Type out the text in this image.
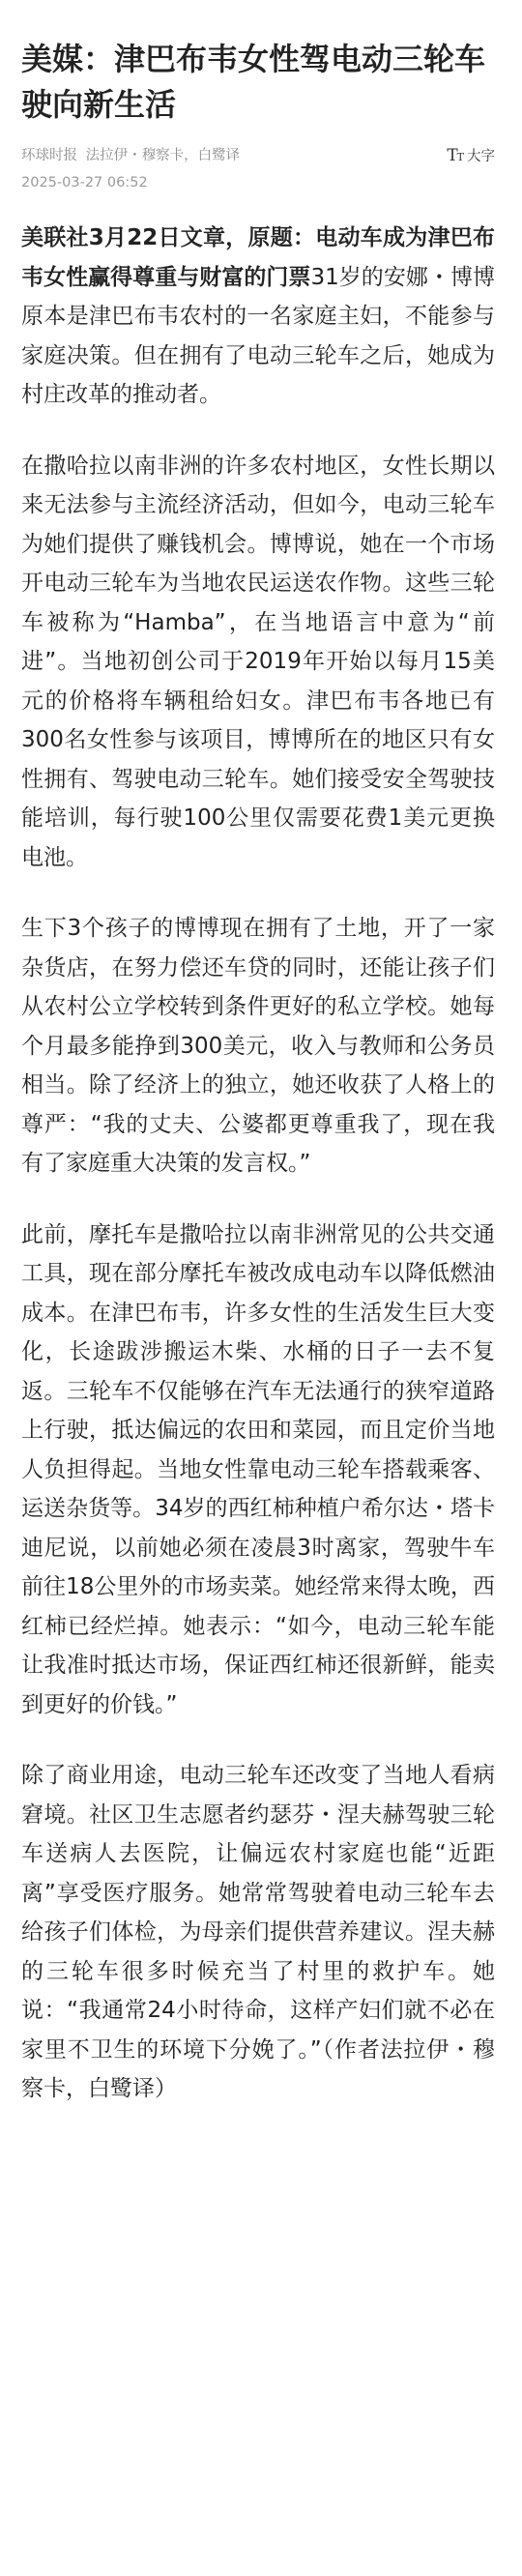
美媒：津巴布韦女性驾电动三轮车驶向新生活
环球时报 法拉伊・穆察卡，白鹭译
2025-03-27 06:52
TT 大字

美联社3月22日文章，原题：电动车成为津巴布韦女性赢得尊重与财富的门票31岁的安娜・博博原本是津巴布韦农村的一名家庭主妇，不能参与家庭决策。但在拥有了电动三轮车之后，她成为村庄改革的推动者。

在撒哈拉以南非洲的许多农村地区，女性长期以来无法参与主流经济活动，但如今，电动三轮车为她们提供了赚钱机会。博博说，她在一个市场开电动三轮车为当地农民运送农作物。这些三轮车被称为“Hamba”，在当地语言中意为“前进”。当地初创公司于2019年开始以每月15美元的价格将车辆租给妇女。津巴布韦各地已有300名女性参与该项目，博博所在的地区只有女性拥有、驾驶电动三轮车。她们接受安全驾驶技能培训，每行驶100公里仅需要花费1美元更换电池。

生下3个孩子的博博现在拥有了土地，开了一家杂货店，在努力偿还车贷的同时，还能让孩子们从农村公立学校转到条件更好的私立学校。她每个月最多能挣到300美元，收入与教师和公务员相当。除了经济上的独立，她还收获了人格上的尊严：“我的丈夫、公婆都更尊重我了，现在我有了家庭重大决策的发言权。”

此前，摩托车是撒哈拉以南非洲常见的公共交通工具，现在部分摩托车被改成电动车以降低燃油成本。在津巴布韦，许多女性的生活发生巨大变化，长途跋涉搬运木柴、水桶的日子一去不复返。三轮车不仅能够在汽车无法通行的狭窄道路上行驶，抵达偏远的农田和菜园，而且定价当地人负担得起。当地女性靠电动三轮车搭载乘客、运送杂货等。34岁的西红柿种植户希尔达・塔卡迪尼说，以前她必须在凌晨3时离家，驾驶牛车前往18公里外的市场卖菜。她经常来得太晚，西红柿已经烂掉。她表示：“如今，电动三轮车能让我准时抵达市场，保证西红柿还很新鲜，能卖到更好的价钱。”

除了商业用途，电动三轮车还改变了当地人看病窘境。社区卫生志愿者约瑟芬・涅夫赫驾驶三轮车送病人去医院，让偏远农村家庭也能“近距离”享受医疗服务。她常常驾驶着电动三轮车去给孩子们体检，为母亲们提供营养建议。涅夫赫的三轮车很多时候充当了村里的救护车。她说：“我通常24小时待命，这样产妇们就不必在家里不卫生的环境下分娩了。”（作者法拉伊・穆察卡，白鹭译）
